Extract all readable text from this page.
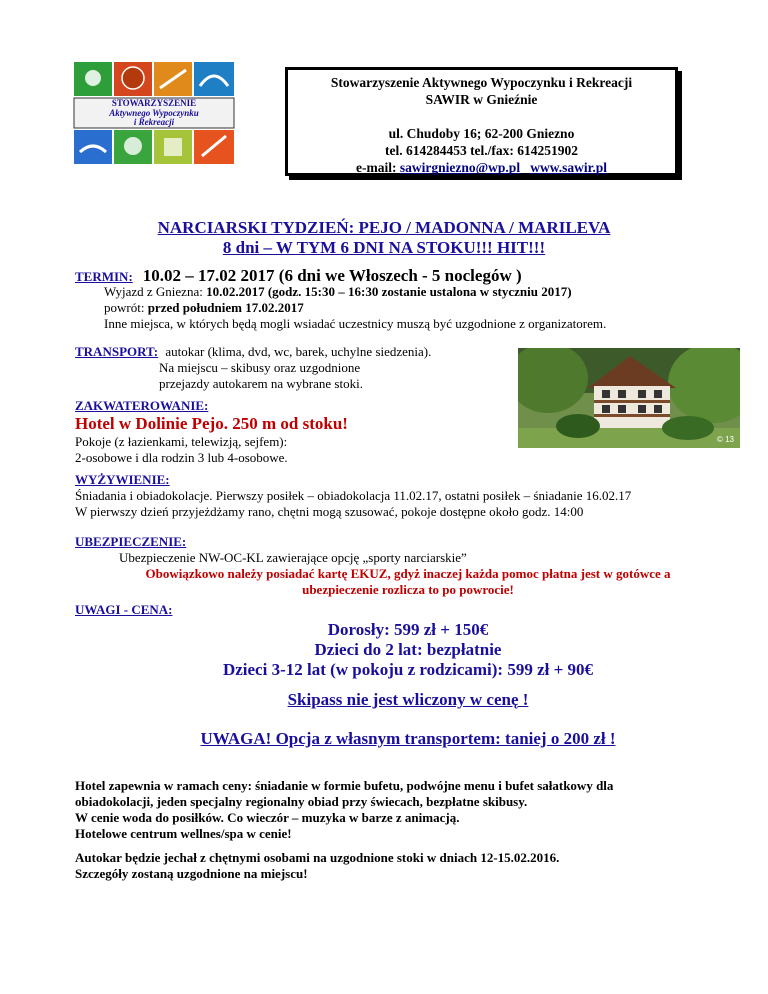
STOWARZYSZENIE
Aktywnego Wypoczynku
i Rekreacji
Stowarzyszenie Aktywnego Wypoczynku i Rekreacji
SAWIR w Gnieźnie
ul. Chudoby 16; 62-200 Gniezno
tel. 614284453 tel./fax: 614251902
e-mail: sawirgniezno@wp.pl www.sawir.pl
NARCIARSKI TYDZIEŃ: PEJO / MADONNA / MARILEVA
8 dni – W TYM 6 DNI NA STOKU!!! HIT!!!
TERMIN: 10.02 – 17.02 2017 (6 dni we Włoszech - 5 noclegów )
Wyjazd z Gniezna: 10.02.2017 (godz. 15:30 – 16:30 zostanie ustalona w styczniu 2017)
powrót: przed południem 17.02.2017
Inne miejsca, w których będą mogli wsiadać uczestnicy muszą być uzgodnione z organizatorem.
TRANSPORT: autokar (klima, dvd, wc, barek, uchylne siedzenia).
Na miejscu – skibusy oraz uzgodnione
przejazdy autokarem na wybrane stoki.
© 13
ZAKWATEROWANIE:
Hotel w Dolinie Pejo. 250 m od stoku!
Pokoje (z łazienkami, telewizją, sejfem):
2-osobowe i dla rodzin 3 lub 4-osobowe.
WYŻYWIENIE:
Śniadania i obiadokolacje. Pierwszy posiłek – obiadokolacja 11.02.17, ostatni posiłek – śniadanie 16.02.17
W pierwszy dzień przyjeżdżamy rano, chętni mogą szusować, pokoje dostępne około godz. 14:00
UBEZPIECZENIE:
Ubezpieczenie NW-OC-KL zawierające opcję „sporty narciarskie”
Obowiązkowo należy posiadać kartę EKUZ, gdyż inaczej każda pomoc płatna jest w gotówce a
ubezpieczenie rozlicza to po powrocie!
UWAGI - CENA:
Dorosły: 599 zł + 150€
Dzieci do 2 lat: bezpłatnie
Dzieci 3-12 lat (w pokoju z rodzicami): 599 zł + 90€
Skipass nie jest wliczony w cenę !
UWAGA! Opcja z własnym transportem: taniej o 200 zł !
Hotel zapewnia w ramach ceny: śniadanie w formie bufetu, podwójne menu i bufet sałatkowy dla
obiadokolacji, jeden specjalny regionalny obiad przy świecach, bezpłatne skibusy.
W cenie woda do posiłków. Co wieczór – muzyka w barze z animacją.
Hotelowe centrum wellnes/spa w cenie!
Autokar będzie jechał z chętnymi osobami na uzgodnione stoki w dniach 12-15.02.2016.
Szczegóły zostaną uzgodnione na miejscu!
